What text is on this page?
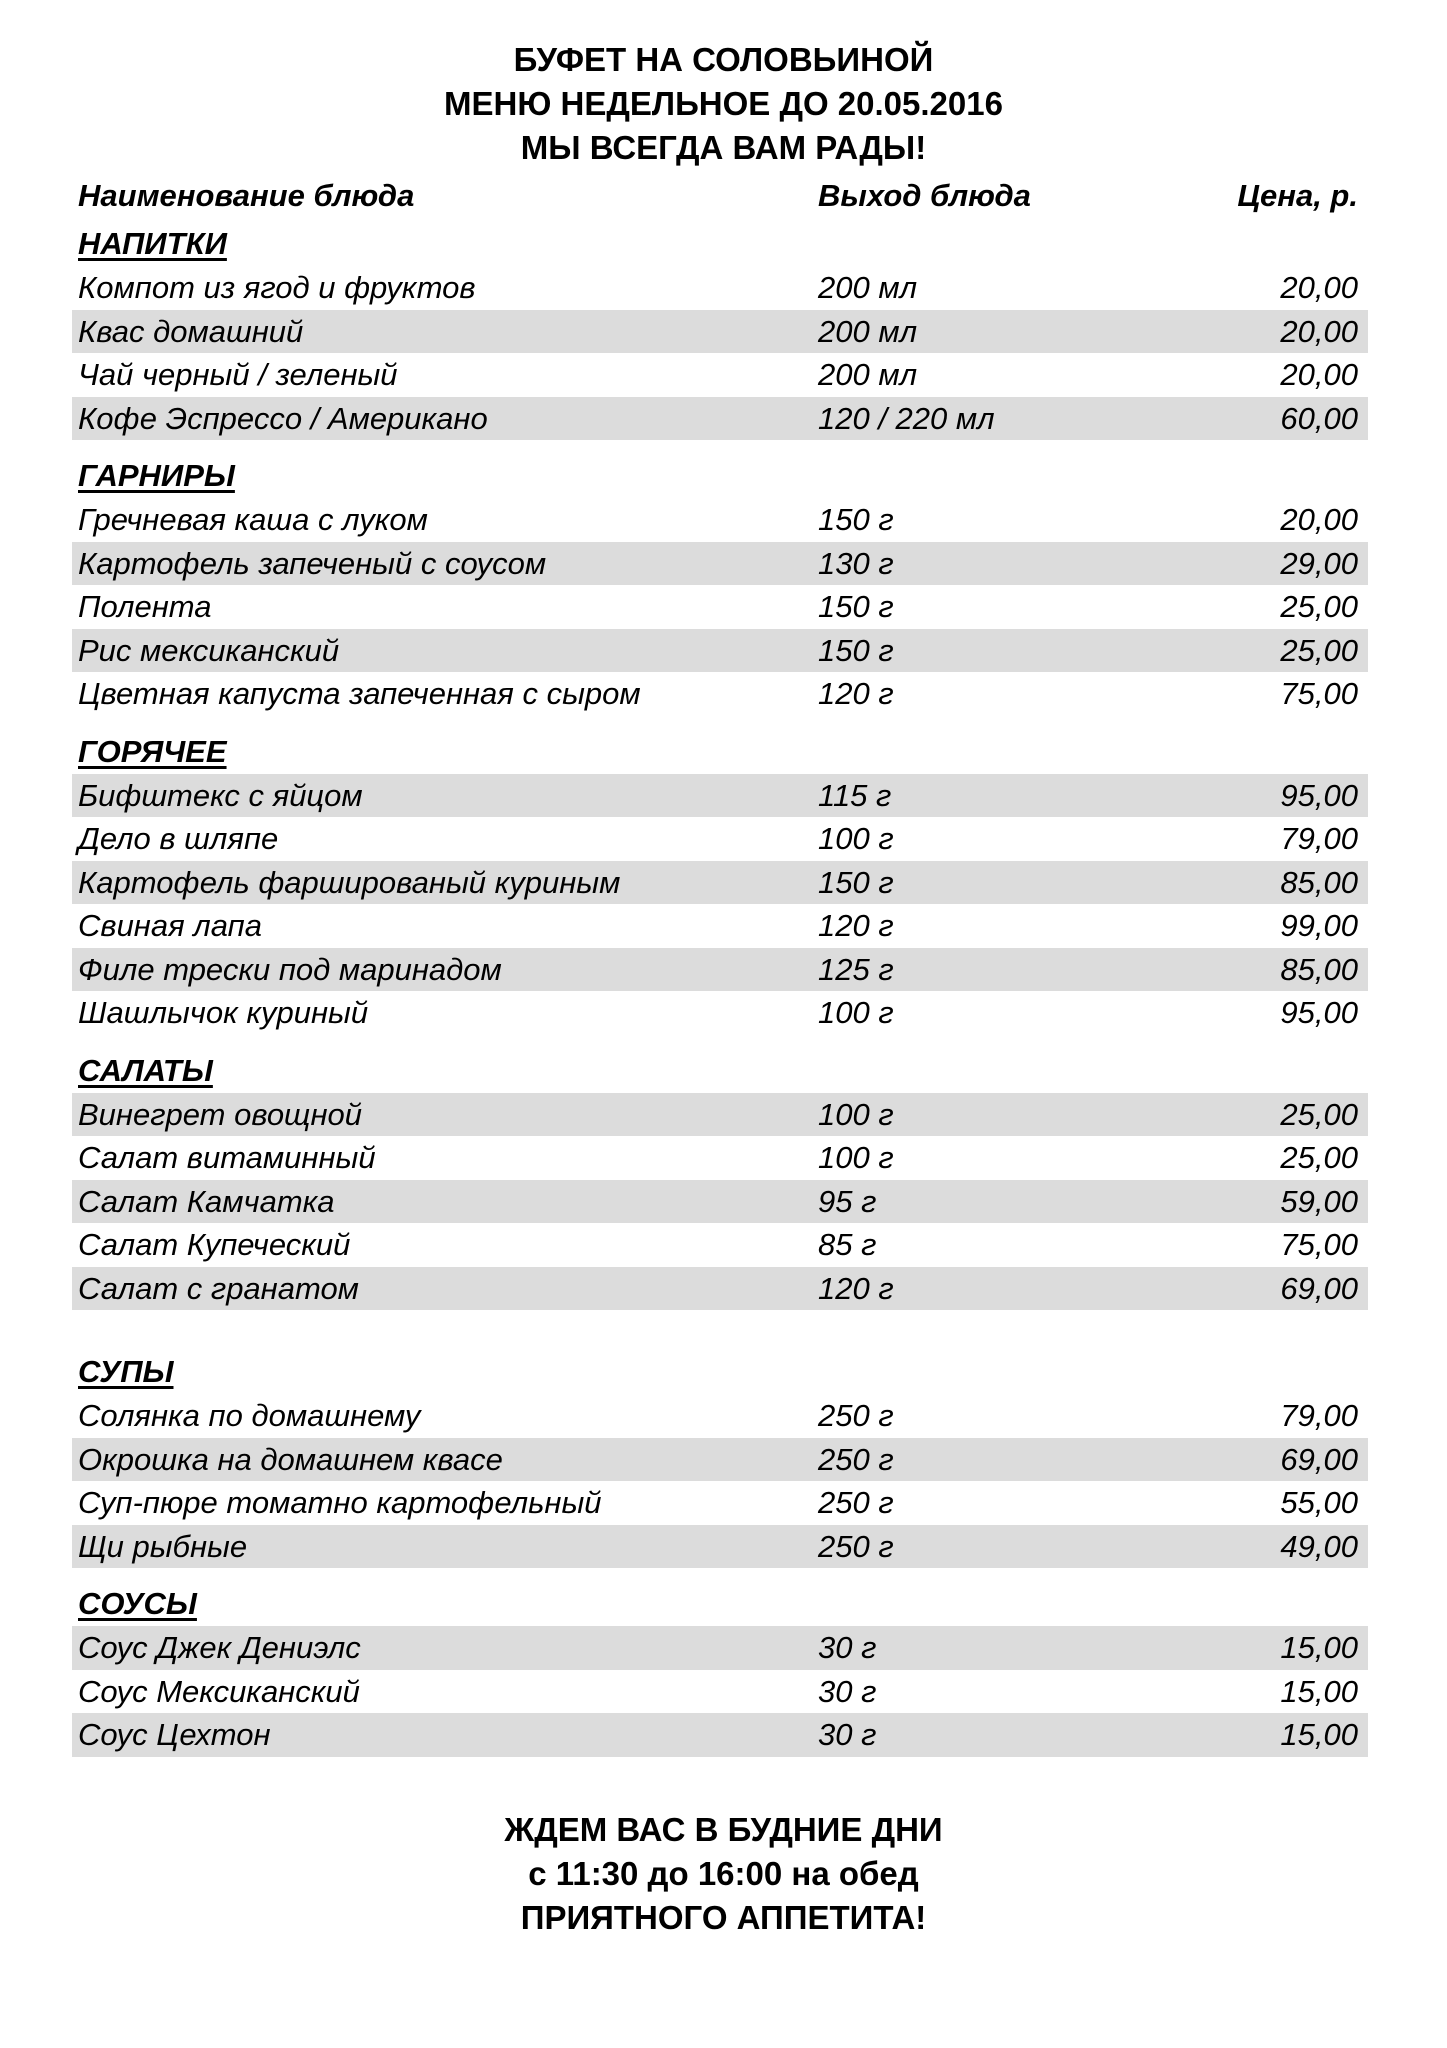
БУФЕТ НА СОЛОВЬИНОЙ
МЕНЮ НЕДЕЛЬНОЕ ДО 20.05.2016
МЫ ВСЕГДА ВАМ РАДЫ!
Наименование блюда	Выход блюда	Цена, р.
НАПИТКИ
Компот из ягод и фруктов	200 мл	20,00
Квас домашний	200 мл	20,00
Чай черный / зеленый	200 мл	20,00
Кофе Эспрессо / Американо	120 / 220 мл	60,00
ГАРНИРЫ
Гречневая каша с луком	150 г	20,00
Картофель запеченый с соусом	130 г	29,00
Полента	150 г	25,00
Рис мексиканский	150 г	25,00
Цветная капуста запеченная с сыром	120 г	75,00
ГОРЯЧЕЕ
Бифштекс с яйцом	115 г	95,00
Дело в шляпе	100 г	79,00
Картофель фаршированый куриным	150 г	85,00
Свиная лапа	120 г	99,00
Филе трески под маринадом	125 г	85,00
Шашлычок куриный	100 г	95,00
САЛАТЫ
Винегрет овощной	100 г	25,00
Салат витаминный	100 г	25,00
Салат Камчатка	95 г	59,00
Салат Купеческий	85 г	75,00
Салат с гранатом	120 г	69,00
СУПЫ
Солянка по домашнему	250 г	79,00
Окрошка на домашнем квасе	250 г	69,00
Суп-пюре томатно картофельный	250 г	55,00
Щи рыбные	250 г	49,00
СОУСЫ
Соус Джек Дениэлс	30 г	15,00
Соус Мексиканский	30 г	15,00
Соус Цехтон	30 г	15,00
ЖДЕМ ВАС В БУДНИЕ ДНИ
с 11:30 до 16:00 на обед
ПРИЯТНОГО АППЕТИТА!
